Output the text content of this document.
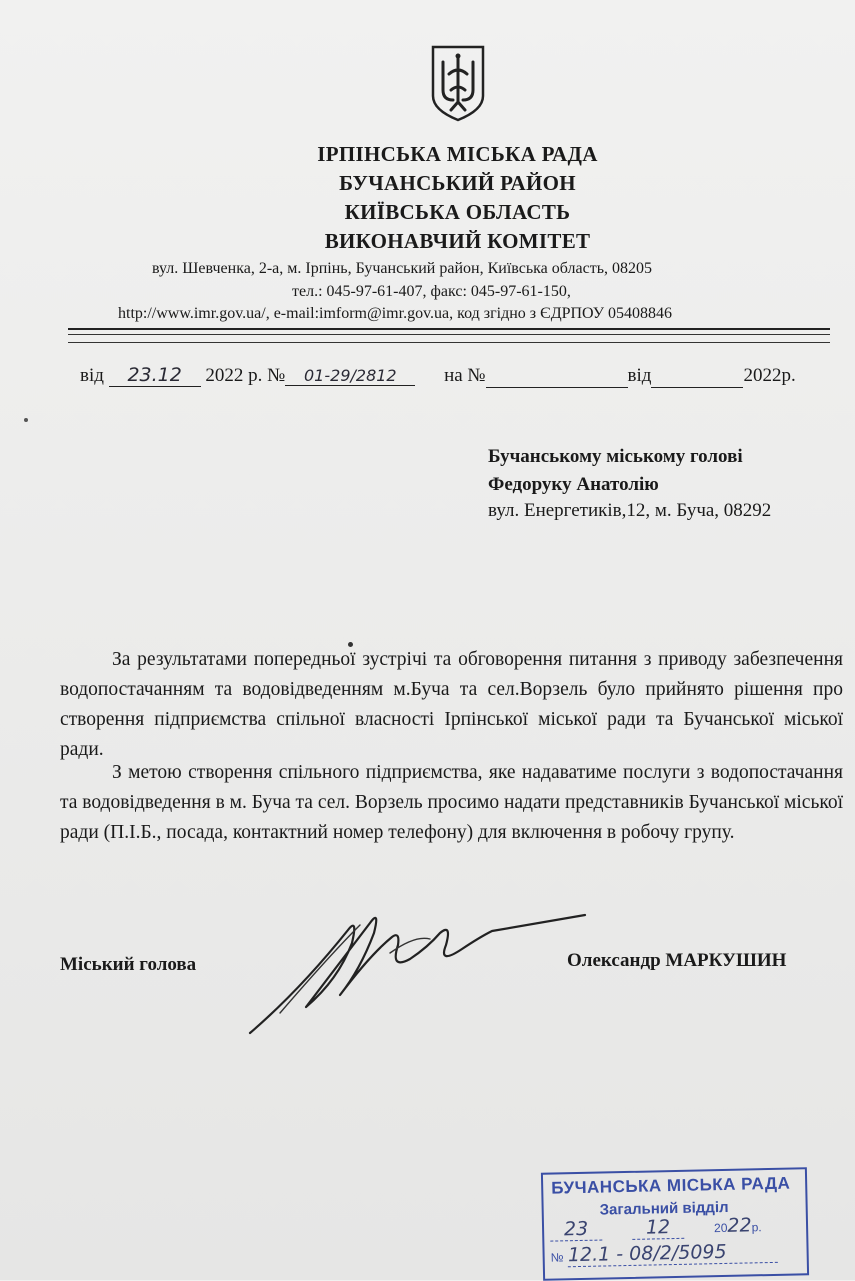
ІРПІНСЬКА МІСЬКА РАДА
БУЧАНСЬКИЙ РАЙОН
КИЇВСЬКА ОБЛАСТЬ
ВИКОНАВЧИЙ КОМІТЕТ
вул. Шевченка, 2-а, м. Ірпінь, Бучанський район, Київська область, 08205
тел.: 045-97-61-407, факс: 045-97-61-150,
http://www.imr.gov.ua/, e-mail:imform@imr.gov.ua, код згідно з ЄДРПОУ 05408846
від 23.12 2022 р. № 01-29/2812 на №	від	2022р.
Бучанському міському голові
Федоруку Анатолію
вул. Енергетиків,12, м. Буча, 08292

За результатами попередньої зустрічі та обговорення питання з приводу забезпечення водопостачанням та водовідведенням м.Буча та сел.Ворзель було прийнято рішення про створення підприємства спільної власності Ірпінської міської ради та Бучанської міської ради.

З метою створення спільного підприємства, яке надаватиме послуги з водопостачання та водовідведення в м. Буча та сел. Ворзель просимо надати представників Бучанської міської ради (П.І.Б., посада, контактний номер телефону) для включення в робочу групу.

Міський голова	Олександр МАРКУШИН
БУЧАНСЬКА МІСЬКА РАДА
Загальний відділ
23	12	2022р.
№ 12.1 - 08/2/5095
